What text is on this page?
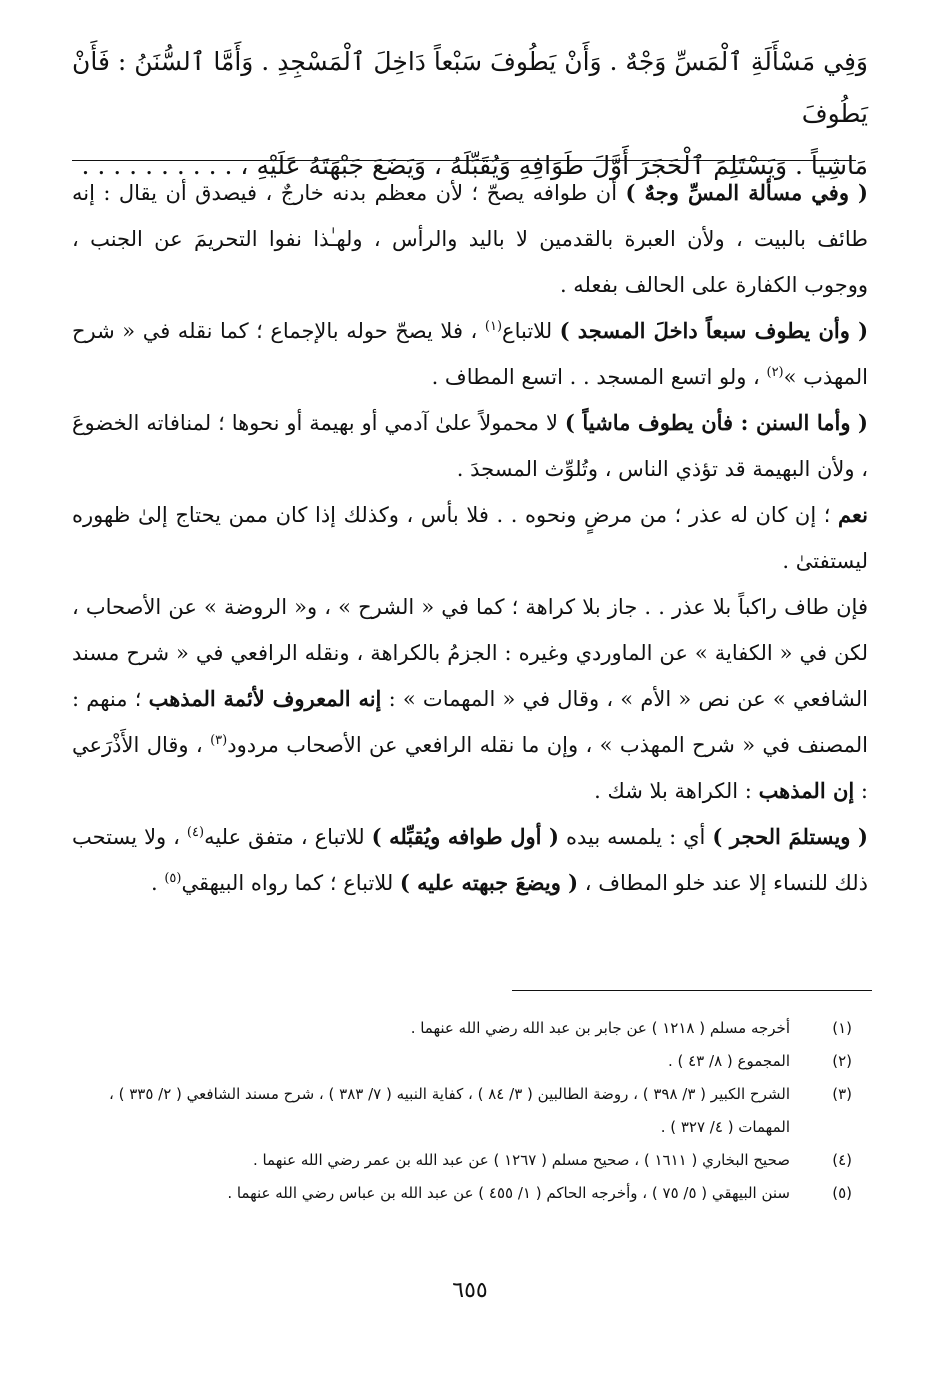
وَفِي مَسْأَلَةِ ٱلْمَسِّ وَجْهٌ . وَأَنْ يَطُوفَ سَبْعاً دَاخِلَ ٱلْمَسْجِدِ . وَأَمَّا ٱلسُّنَنُ : فَأَنْ يَطُوفَ

مَاشِياً . وَيَسْتَلِمَ ٱلْحَجَرَ أَوَّلَ طَوَافِهِ وَيُقَبِّلَهُ ، وَيَضَعَ جَبْهَتَهُ عَلَيْهِ ، . . . . . . . . . .

( وفي مسألة المسِّ وجهٌ ) أن طوافه يصحّ ؛ لأن معظم بدنه خارجٌ ، فيصدق أن يقال : إنه طائف بالبيت ، ولأن العبرة بالقدمين لا باليد والرأس ، ولهـٰذا نفوا التحريمَ عن الجنب ، ووجوب الكفارة على الحالف بفعله .

( وأن يطوف سبعاً داخلَ المسجد ) للاتباع$^{(١)}$ ، فلا يصحّ حوله بالإجماع ؛ كما نقله في « شرح المهذب »$^{(٢)}$ ، ولو اتسع المسجد . . اتسع المطاف .

( وأما السنن : فأن يطوف ماشياً ) لا محمولاً علىٰ آدمي أو بهيمة أو نحوها ؛ لمنافاته الخضوعَ ، ولأن البهيمة قد تؤذي الناس ، وتُلوِّث المسجدَ .

نعم ؛ إن كان له عذر ؛ من مرضٍ ونحوه . . فلا بأس ، وكذلك إذا كان ممن يحتاج إلىٰ ظهوره ليستفتىٰ .

فإن طاف راكباً بلا عذر . . جاز بلا كراهة ؛ كما في « الشرح » ، و« الروضة » عن الأصحاب ، لكن في « الكفاية » عن الماوردي وغيره : الجزمُ بالكراهة ، ونقله الرافعي في « شرح مسند الشافعي » عن نص « الأم » ، وقال في « المهمات » : إنه المعروف لأئمة المذهب ؛ منهم : المصنف في « شرح المهذب » ، وإن ما نقله الرافعي عن الأصحاب مردود$^{(٣)}$ ، وقال الأَذْرَعي : إن المذهب : الكراهة بلا شك .

( ويستلمَ الحجر ) أي : يلمسه بيده ( أول طوافه ويُقبِّله ) للاتباع ، متفق عليه$^{(٤)}$ ، ولا يستحب ذلك للنساء إلا عند خلو المطاف ، ( ويضعَ جبهته عليه ) للاتباع ؛ كما رواه البيهقي$^{(٥)}$ .

(١)
أخرجه مسلم ( ١٢١٨ ) عن جابر بن عبد الله رضي الله عنهما .
(٢)
المجموع ( ٨/ ٤٣ ) .
(٣)
الشرح الكبير ( ٣/ ٣٩٨ ) ، روضة الطالبين ( ٣/ ٨٤ ) ، كفاية النبيه ( ٧/ ٣٨٣ ) ، شرح مسند الشافعي ( ٢/ ٣٣٥ ) ، المهمات ( ٤/ ٣٢٧ ) .
(٤)
صحيح البخاري ( ١٦١١ ) ، صحيح مسلم ( ١٢٦٧ ) عن عبد الله بن عمر رضي الله عنهما .
(٥)
سنن البيهقي ( ٥/ ٧٥ ) ، وأخرجه الحاكم ( ١/ ٤٥٥ ) عن عبد الله بن عباس رضي الله عنهما .
٦٥٥
